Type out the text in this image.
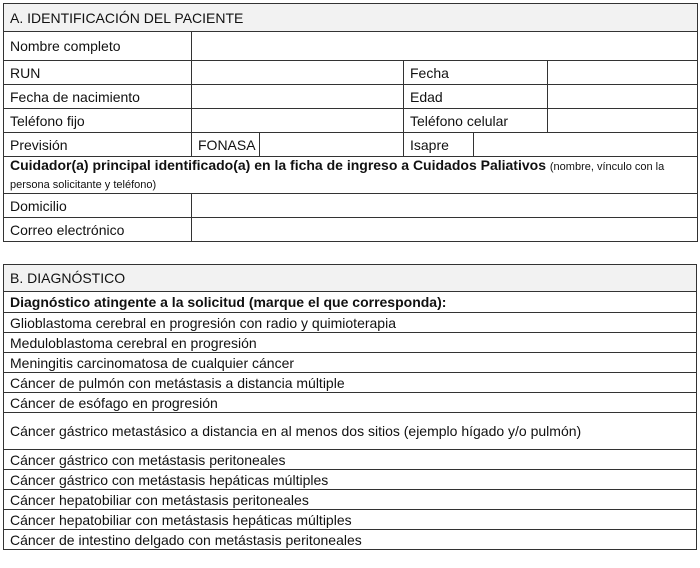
A. IDENTIFICACIÓN DEL PACIENTE					
Nombre completo					
RUN			Fecha		
Fecha de nacimiento			Edad		
Teléfono fijo			Teléfono celular		
Previsión	FONASA		Isapre		
Cuidador(a) principal identificado(a) en la ficha de ingreso a Cuidados Paliativos (nombre, vínculo con la persona solicitante y teléfono)					
Domicilio					
Correo electrónico					
B. DIAGNÓSTICO
Diagnóstico atingente a la solicitud (marque el que corresponda):
Glioblastoma cerebral en progresión con radio y quimioterapia
Meduloblastoma cerebral en progresión
Meningitis carcinomatosa de cualquier cáncer
Cáncer de pulmón con metástasis a distancia múltiple
Cáncer de esófago en progresión
Cáncer gástrico metastásico a distancia en al menos dos sitios (ejemplo hígado y/o pulmón)
Cáncer gástrico con metástasis peritoneales
Cáncer gástrico con metástasis hepáticas múltiples
Cáncer hepatobiliar con metástasis peritoneales
Cáncer hepatobiliar con metástasis hepáticas múltiples
Cáncer de intestino delgado con metástasis peritoneales
